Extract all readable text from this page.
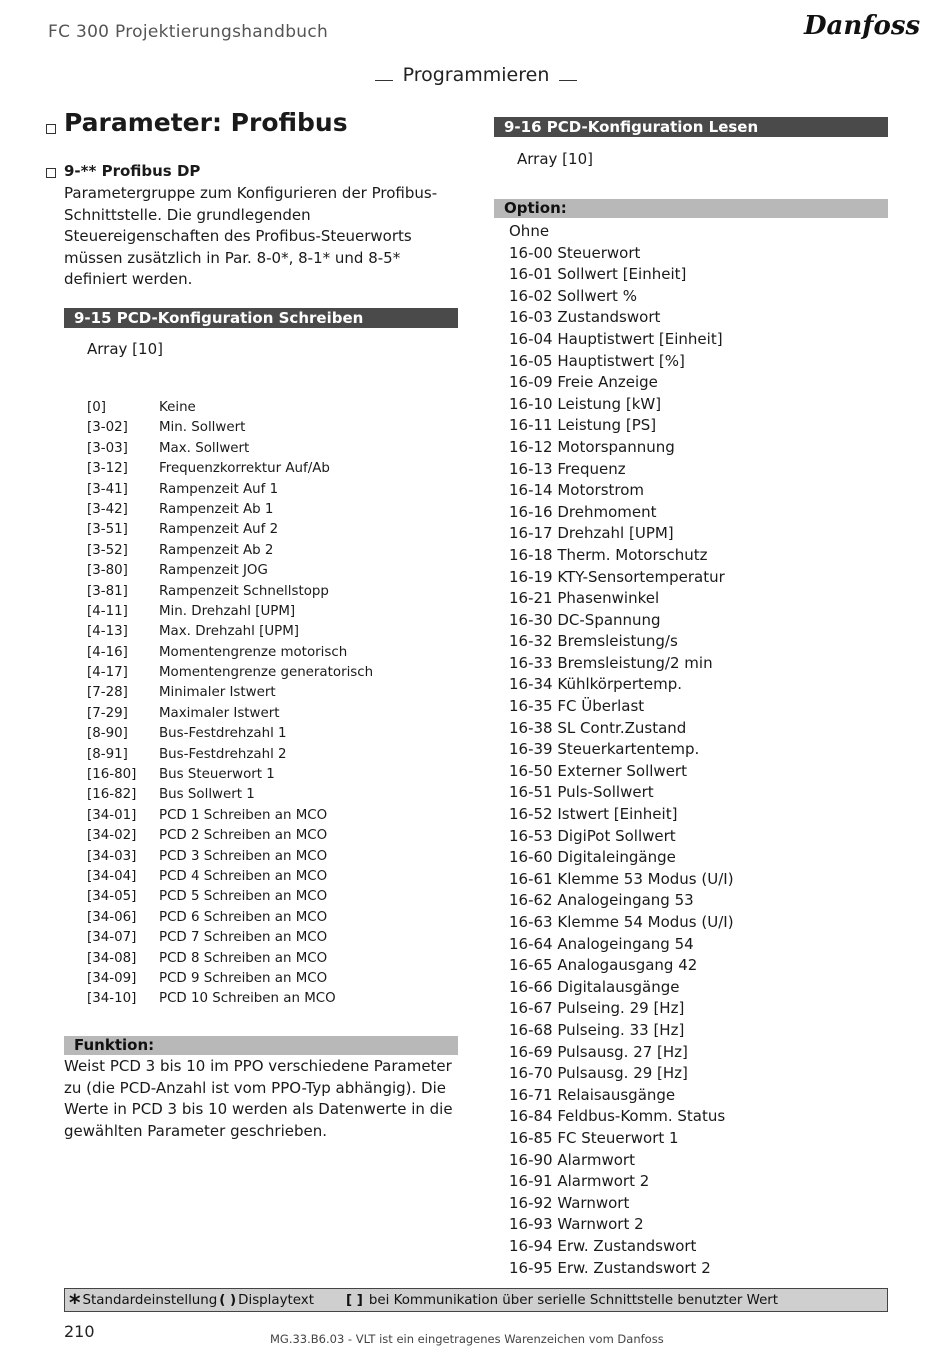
FC 300 Projektierungshandbuch	Danfoss
Programmieren
Parameter: Profibus
9-** Profibus DP
Parametergruppe zum Konfigurieren der Profibus-Schnittstelle. Die grundlegenden Steuereigenschaften des Profibus-Steuerworts müssen zusätzlich in Par. 8-0*, 8-1* und 8-5* definiert werden.
9-15 PCD-Konfiguration Schreiben
Array [10]
[0]	Keine
[3-02] Min. Sollwert
[3-03] Max. Sollwert
[3-12] Frequenzkorrektur Auf/Ab
[3-41] Rampenzeit Auf 1
[3-42] Rampenzeit Ab 1
[3-51] Rampenzeit Auf 2
[3-52] Rampenzeit Ab 2
[3-80] Rampenzeit JOG
[3-81] Rampenzeit Schnellstopp
[4-11] Min. Drehzahl [UPM]
[4-13] Max. Drehzahl [UPM]
[4-16] Momentengrenze motorisch
[4-17] Momentengrenze generatorisch
[7-28] Minimaler Istwert
[7-29] Maximaler Istwert
[8-90] Bus-Festdrehzahl 1
[8-91] Bus-Festdrehzahl 2
[16-80] Bus Steuerwort 1
[16-82] Bus Sollwert 1
[34-01] PCD 1 Schreiben an MCO
[34-02] PCD 2 Schreiben an MCO
[34-03] PCD 3 Schreiben an MCO
[34-04] PCD 4 Schreiben an MCO
[34-05] PCD 5 Schreiben an MCO
[34-06] PCD 6 Schreiben an MCO
[34-07] PCD 7 Schreiben an MCO
[34-08] PCD 8 Schreiben an MCO
[34-09] PCD 9 Schreiben an MCO
[34-10] PCD 10 Schreiben an MCO
Funktion:
Weist PCD 3 bis 10 im PPO verschiedene Parameter zu (die PCD-Anzahl ist vom PPO-Typ abhängig). Die Werte in PCD 3 bis 10 werden als Datenwerte in die gewählten Parameter geschrieben.
9-16 PCD-Konfiguration Lesen
Array [10]
Option:
Ohne
16-00 Steuerwort
16-01 Sollwert [Einheit]
16-02 Sollwert %
16-03 Zustandswort
16-04 Hauptistwert [Einheit]
16-05 Hauptistwert [%]
16-09 Freie Anzeige
16-10 Leistung [kW]
16-11 Leistung [PS]
16-12 Motorspannung
16-13 Frequenz
16-14 Motorstrom
16-16 Drehmoment
16-17 Drehzahl [UPM]
16-18 Therm. Motorschutz
16-19 KTY-Sensortemperatur
16-21 Phasenwinkel
16-30 DC-Spannung
16-32 Bremsleistung/s
16-33 Bremsleistung/2 min
16-34 Kühlkörpertemp.
16-35 FC Überlast
16-38 SL Contr.Zustand
16-39 Steuerkartentemp.
16-50 Externer Sollwert
16-51 Puls-Sollwert
16-52 Istwert [Einheit]
16-53 DigiPot Sollwert
16-60 Digitaleingänge
16-61 Klemme 53 Modus (U/I)
16-62 Analogeingang 53
16-63 Klemme 54 Modus (U/I)
16-64 Analogeingang 54
16-65 Analogausgang 42
16-66 Digitalausgänge
16-67 Pulseing. 29 [Hz]
16-68 Pulseing. 33 [Hz]
16-69 Pulsausg. 27 [Hz]
16-70 Pulsausg. 29 [Hz]
16-71 Relaisausgänge
16-84 Feldbus-Komm. Status
16-85 FC Steuerwort 1
16-90 Alarmwort
16-91 Alarmwort 2
16-92 Warnwort
16-93 Warnwort 2
16-94 Erw. Zustandswort
16-95 Erw. Zustandswort 2
* Standardeinstellung ( ) Displaytext [ ] bei Kommunikation über serielle Schnittstelle benutzter Wert
210	MG.33.B6.03 - VLT ist ein eingetragenes Warenzeichen vom Danfoss
